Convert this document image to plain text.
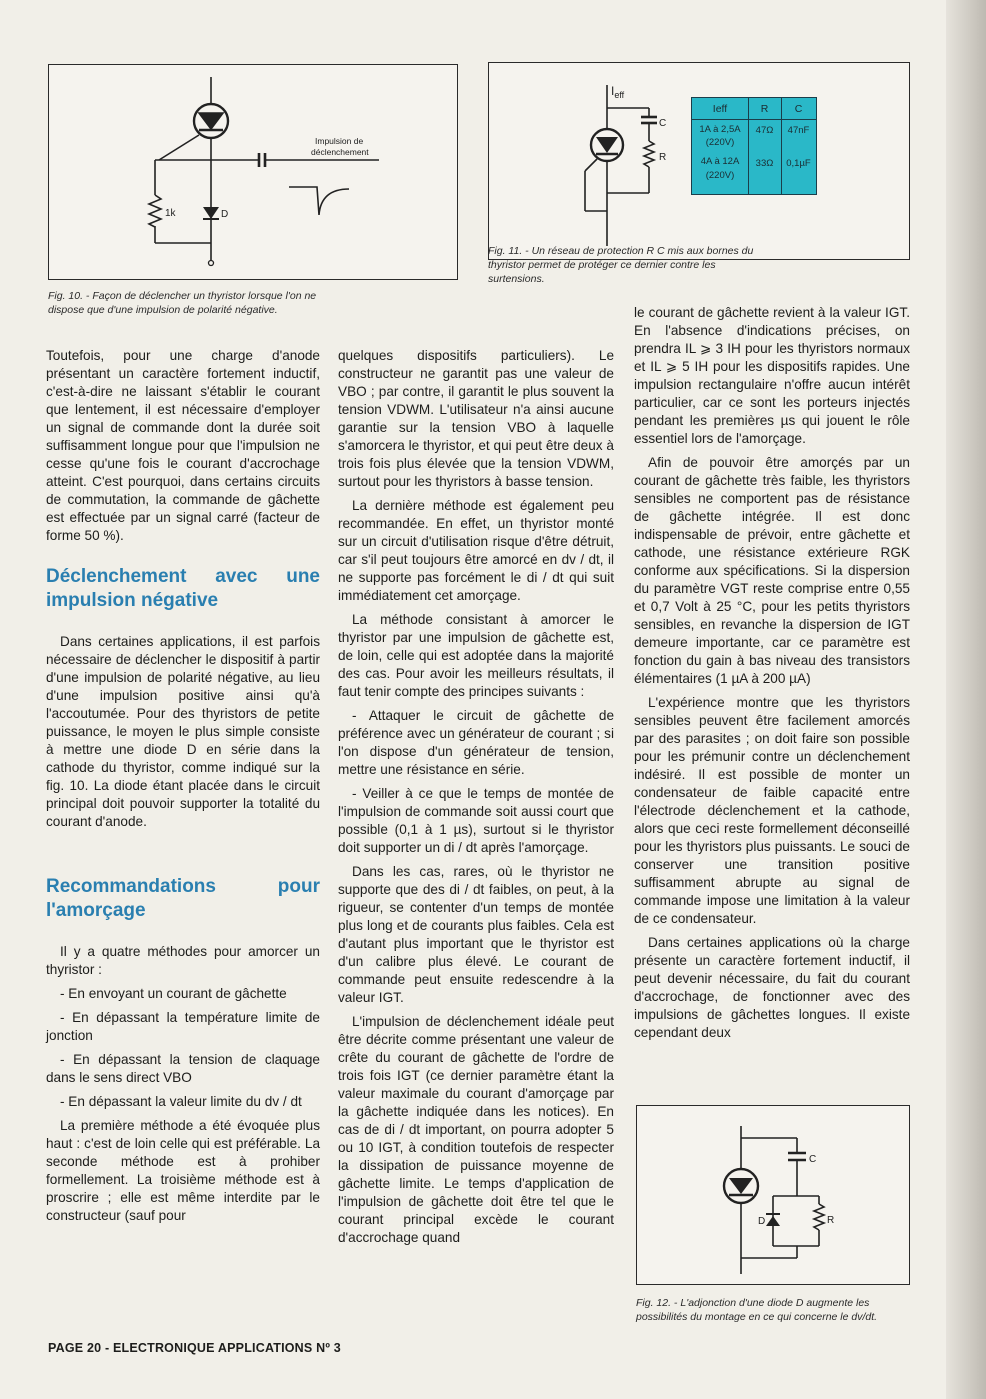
1k	D
Impulsion de
déclenchement
Fig. 10. - Façon de déclencher un thyristor lorsque l'on ne dispose que d'une impulsion de polarité négative.
$I_{eff}$
C
R
Ieff	R	C
1A à 2,5A
(220V)
47Ω	47nF
4A à 12A
(220V)
33Ω	0,1µF
Fig. 11. - Un réseau de protection R C mis aux bornes du thyristor permet de protéger ce dernier contre les surtensions.

Toutefois, pour une charge d'anode présentant un caractère fortement inductif, c'est-à-dire ne laissant s'établir le courant que lentement, il est nécessaire d'employer un signal de commande dont la durée soit suffisamment longue pour que l'impulsion ne cesse qu'une fois le courant d'accrochage atteint. C'est pourquoi, dans certains circuits de commutation, la commande de gâchette est effectuée par un signal carré (facteur de forme 50 %).

Déclenchement avec une impulsion négative

Dans certaines applications, il est parfois nécessaire de déclencher le dispositif à partir d'une impulsion de polarité négative, au lieu d'une impulsion positive ainsi qu'à l'accoutumée. Pour des thyristors de petite puissance, le moyen le plus simple consiste à mettre une diode D en série dans la cathode du thyristor, comme indiqué sur la fig. 10. La diode étant placée dans le circuit principal doit pouvoir supporter la totalité du courant d'anode.

Recommandations pour l'amorçage

Il y a quatre méthodes pour amorcer un thyristor :

- En envoyant un courant de gâchette

- En dépassant la température limite de jonction

- En dépassant la tension de claquage dans le sens direct VBO

- En dépassant la valeur limite du dv / dt

La première méthode a été évoquée plus haut : c'est de loin celle qui est préférable. La seconde méthode est à prohiber formellement. La troisième méthode est à proscrire ; elle est même interdite par le constructeur (sauf pour

quelques dispositifs particuliers). Le constructeur ne garantit pas une valeur de VBO ; par contre, il garantit le plus souvent la tension VDWM. L'utilisateur n'a ainsi aucune garantie sur la tension VBO à laquelle s'amorcera le thyristor, et qui peut être deux à trois fois plus élevée que la tension VDWM, surtout pour les thyristors à basse tension.

La dernière méthode est également peu recommandée. En effet, un thyristor monté sur un circuit d'utilisation risque d'être détruit, car s'il peut toujours être amorcé en dv / dt, il ne supporte pas forcément le di / dt qui suit immédiatement cet amorçage.

La méthode consistant à amorcer le thyristor par une impulsion de gâchette est, de loin, celle qui est adoptée dans la majorité des cas. Pour avoir les meilleurs résultats, il faut tenir compte des principes suivants :

- Attaquer le circuit de gâchette de préférence avec un générateur de courant ; si l'on dispose d'un générateur de tension, mettre une résistance en série.

- Veiller à ce que le temps de montée de l'impulsion de commande soit aussi court que possible (0,1 à 1 µs), surtout si le thyristor doit supporter un di / dt après l'amorçage.

Dans les cas, rares, où le thyristor ne supporte que des di / dt faibles, on peut, à la rigueur, se contenter d'un temps de montée plus long et de courants plus faibles. Cela est d'autant plus important que le thyristor est d'un calibre plus élevé. Le courant de commande peut ensuite redescendre à la valeur IGT.

L'impulsion de déclenchement idéale peut être décrite comme présentant une valeur de crête du courant de gâchette de l'ordre de trois fois IGT (ce dernier paramètre étant la valeur maximale du courant d'amorçage par la gâchette indiquée dans les notices). En cas de di / dt important, on pourra adopter 5 ou 10 IGT, à condition toutefois de respecter la dissipation de puissance moyenne de gâchette limite. Le temps d'application de l'impulsion de gâchette doit être tel que le courant principal excède le courant d'accrochage quand

le courant de gâchette revient à la valeur IGT. En l'absence d'indications précises, on prendra IL ⩾ 3 IH pour les thyristors normaux et IL ⩾ 5 IH pour les dispositifs rapides. Une impulsion rectangulaire n'offre aucun intérêt particulier, car ce sont les porteurs injectés pendant les premières µs qui jouent le rôle essentiel lors de l'amorçage.

Afin de pouvoir être amorçés par un courant de gâchette très faible, les thyristors sensibles ne comportent pas de résistance de gâchette intégrée. Il est donc indispensable de prévoir, entre gâchette et cathode, une résistance extérieure RGK conforme aux spécifications. Si la dispersion du paramètre VGT reste comprise entre 0,55 et 0,7 Volt à 25 °C, pour les petits thyristors sensibles, en revanche la dispersion de IGT demeure importante, car ce paramètre est fonction du gain à bas niveau des transistors élémentaires (1 µA à 200 µA)

L'expérience montre que les thyristors sensibles peuvent être facilement amorcés par des parasites ; on doit faire son possible pour les prémunir contre un déclenchement indésiré. Il est possible de monter un condensateur de faible capacité entre l'électrode déclenchement et la cathode, alors que ceci reste formellement déconseillé pour les thyristors plus puissants. Le souci de conserver une transition positive suffisamment abrupte au signal de commande impose une limitation à la valeur de ce condensateur.

Dans certaines applications où la charge présente un caractère fortement inductif, il peut devenir nécessaire, du fait du courant d'accrochage, de fonctionner avec des impulsions de gâchettes longues. Il existe cependant deux

C
D	R
Fig. 12. - L'adjonction d'une diode D augmente les possibilités du montage en ce qui concerne le dv/dt.
PAGE 20 - ELECTRONIQUE APPLICATIONS Nº 3
